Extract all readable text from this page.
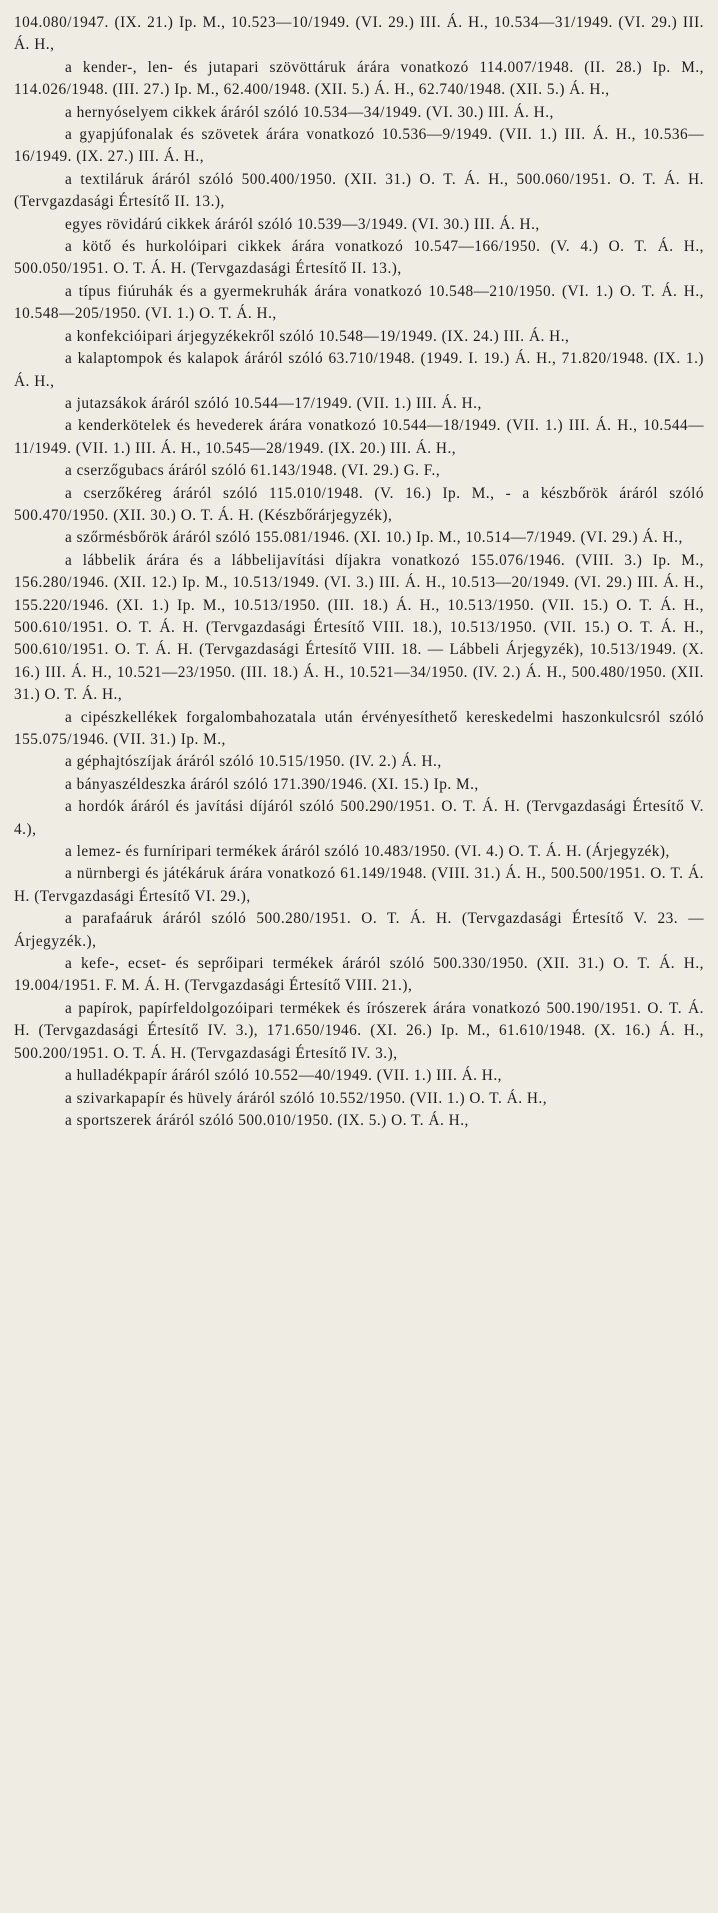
104.080/1947. (IX. 21.) Ip. M., 10.523—10/1949. (VI. 29.) III. Á. H., 10.534—31/1949. (VI. 29.) III. Á. H.,

a kender-, len- és jutapari szövöttáruk árára vonatkozó 114.007/1948. (II. 28.) Ip. M., 114.026/1948. (III. 27.) Ip. M., 62.400/1948. (XII. 5.) Á. H., 62.740/1948. (XII. 5.) Á. H.,

a hernyóselyem cikkek áráról szóló 10.534—34/1949. (VI. 30.) III. Á. H.,

a gyapjúfonalak és szövetek árára vonatkozó 10.536—9/1949. (VII. 1.) III. Á. H., 10.536—16/1949. (IX. 27.) III. Á. H.,

a textiláruk áráról szóló 500.400/1950. (XII. 31.) O. T. Á. H., 500.060/1951. O. T. Á. H. (Tervgazdasági Értesítő II. 13.),

egyes rövidárú cikkek áráról szóló 10.539—3/1949. (VI. 30.) III. Á. H.,

a kötő és hurkolóipari cikkek árára vonatkozó 10.547—166/1950. (V. 4.) O. T. Á. H., 500.050/1951. O. T. Á. H. (Tervgazdasági Értesítő II. 13.),

a típus fiúruhák és a gyermekruhák árára vonatkozó 10.548—210/1950. (VI. 1.) O. T. Á. H., 10.548—205/1950. (VI. 1.) O. T. Á. H.,

a konfekcióipari árjegyzékekről szóló 10.548—19/1949. (IX. 24.) III. Á. H.,

a kalaptompok és kalapok áráról szóló 63.710/1948. (1949. I. 19.) Á. H., 71.820/1948. (IX. 1.) Á. H.,

a jutazsákok áráról szóló 10.544—17/1949. (VII. 1.) III. Á. H.,

a kenderkötelek és hevederek árára vonatkozó 10.544—18/1949. (VII. 1.) III. Á. H., 10.544—11/1949. (VII. 1.) III. Á. H., 10.545—28/1949. (IX. 20.) III. Á. H.,

a cserzőgubacs áráról szóló 61.143/1948. (VI. 29.) G. F.,

a cserzőkéreg áráról szóló 115.010/1948. (V. 16.) Ip. M., - a készbőrök áráról szóló 500.470/1950. (XII. 30.) O. T. Á. H. (Készbőrárjegyzék),

a szőrmésbőrök áráról szóló 155.081/1946. (XI. 10.) Ip. M., 10.514—7/1949. (VI. 29.) Á. H.,

a lábbelik árára és a lábbelijavítási díjakra vonatkozó 155.076/1946. (VIII. 3.) Ip. M., 156.280/1946. (XII. 12.) Ip. M., 10.513/1949. (VI. 3.) III. Á. H., 10.513—20/1949. (VI. 29.) III. Á. H., 155.220/1946. (XI. 1.) Ip. M., 10.513/1950. (III. 18.) Á. H., 10.513/1950. (VII. 15.) O. T. Á. H., 500.610/1951. O. T. Á. H. (Tervgazdasági Értesítő VIII. 18.), 10.513/1950. (VII. 15.) O. T. Á. H., 500.610/1951. O. T. Á. H. (Tervgazdasági Értesítő VIII. 18. — Lábbeli Árjegyzék), 10.513/1949. (X. 16.) III. Á. H., 10.521—23/1950. (III. 18.) Á. H., 10.521—34/1950. (IV. 2.) Á. H., 500.480/1950. (XII. 31.) O. T. Á. H.,

a cipészkellékek forgalombahozatala után érvényesíthető kereskedelmi haszonkulcsról szóló 155.075/1946. (VII. 31.) Ip. M.,

a géphajtószíjak áráról szóló 10.515/1950. (IV. 2.) Á. H.,

a bányaszéldeszka áráról szóló 171.390/1946. (XI. 15.) Ip. M.,

a hordók áráról és javítási díjáról szóló 500.290/1951. O. T. Á. H. (Tervgazdasági Értesítő V. 4.),

a lemez- és furníripari termékek áráról szóló 10.483/1950. (VI. 4.) O. T. Á. H. (Árjegyzék),

a nürnbergi és játékáruk árára vonatkozó 61.149/1948. (VIII. 31.) Á. H., 500.500/1951. O. T. Á. H. (Tervgazdasági Értesítő VI. 29.),

a parafaáruk áráról szóló 500.280/1951. O. T. Á. H. (Tervgazdasági Értesítő V. 23. — Árjegyzék.),

a kefe-, ecset- és seprőipari termékek áráról szóló 500.330/1950. (XII. 31.) O. T. Á. H., 19.004/1951. F. M. Á. H. (Tervgazdasági Értesítő VIII. 21.),

a papírok, papírfeldolgozóipari termékek és írószerek árára vonatkozó 500.190/1951. O. T. Á. H. (Tervgazdasági Értesítő IV. 3.), 171.650/1946. (XI. 26.) Ip. M., 61.610/1948. (X. 16.) Á. H., 500.200/1951. O. T. Á. H. (Tervgazdasági Értesítő IV. 3.),

a hulladékpapír áráról szóló 10.552—40/1949. (VII. 1.) III. Á. H.,

a szivarkapapír és hüvely áráról szóló 10.552/1950. (VII. 1.) O. T. Á. H.,

a sportszerek áráról szóló 500.010/1950. (IX. 5.) O. T. Á. H.,
